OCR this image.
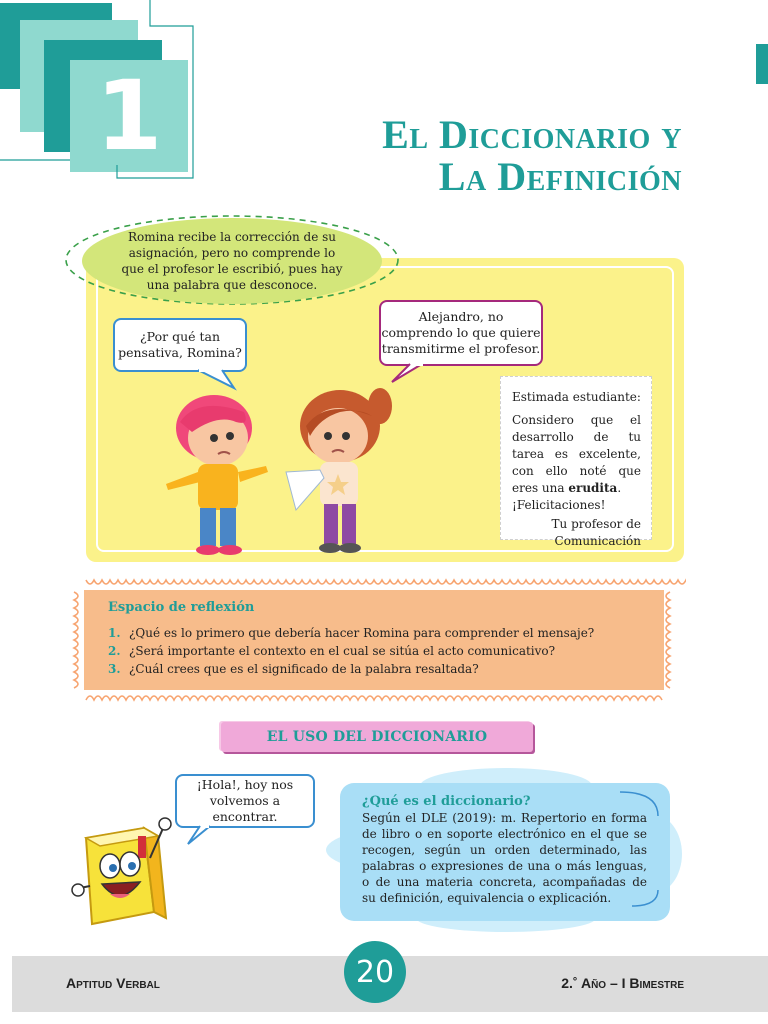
1	El Diccionario y
La Definición
Romina recibe la corrección de su asignación, pero no comprende lo que el profesor le escribió, pues hay una palabra que desconoce.
¿Por qué tan pensativa, Romina?
Alejandro, no comprendo lo que quiere transmitirme el profesor.

Estimada estudiante:

Considero que el desarrollo de tu tarea es excelente, con ello noté que eres una erudita.

¡Felicitaciones!

Tu profesor de

Comunicación

Espacio de reflexión
1. ¿Qué es lo primero que debería hacer Romina para comprender el mensaje?
2. ¿Será importante el contexto en el cual se sitúa el acto comunicativo?
3. ¿Cuál crees que es el significado de la palabra resaltada?
EL USO DEL DICCIONARIO
¡Hola!, hoy nos volvemos a encontrar.
¿Qué es el diccionario?

Según el DLE (2019): m. Repertorio en forma de libro o en soporte electrónico en el que se recogen, según un orden determinado, las palabras o expresiones de una o más lenguas, o de una materia concreta, acompañadas de su definición, equivalencia o explicación.

Aptitud Verbal	2.˚ Año – I Bimestre
20
